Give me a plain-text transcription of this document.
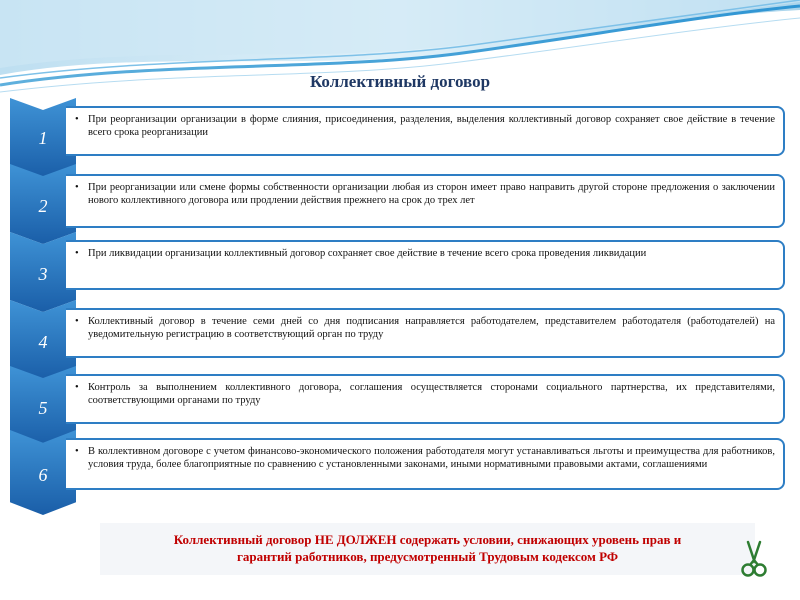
Коллективный договор
1
• При реорганизации организации в форме слияния, присоединения, разделения, выделения коллективный договор сохраняет свое действие в течение всего срока реорганизации
2
• При реорганизации или смене формы собственности организации любая из сторон имеет право направить другой стороне предложения о заключении нового коллективного договора или продлении действия прежнего на срок до трех лет
3
• При ликвидации организации коллективный договор сохраняет свое действие в течение всего срока проведения ликвидации
4
• Коллективный договор в течение семи дней со дня подписания направляется работодателем, представителем работодателя (работодателей) на уведомительную регистрацию в соответствующий орган по труду
5
• Контроль за выполнением коллективного договора, соглашения осуществляется сторонами социального партнерства, их представителями, соответствующими органами по труду
6
• В коллективном договоре с учетом финансово-экономического положения работодателя могут устанавливаться льготы и преимущества для работников, условия труда, более благоприятные по сравнению с установленными законами, иными нормативными правовыми актами, соглашениями
Коллективный договор НЕ ДОЛЖЕН содержать условии, снижающих уровень прав и
гарантий работников, предусмотренный Трудовым кодексом РФ
